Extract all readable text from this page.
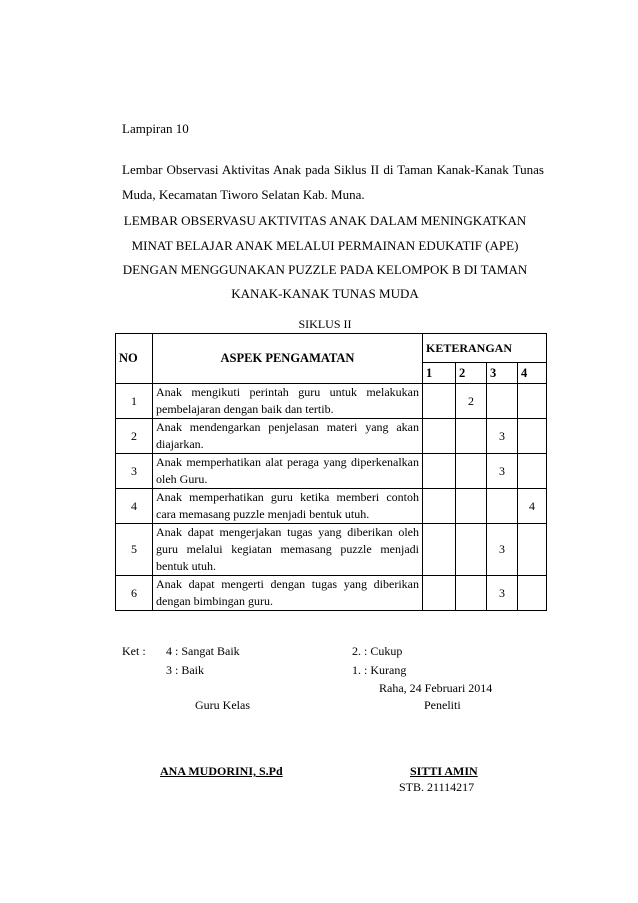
Lampiran 10
Lembar Observasi Aktivitas Anak pada Siklus II di Taman Kanak-Kanak Tunas
Muda, Kecamatan Tiworo Selatan Kab. Muna.
LEMBAR OBSERVASU AKTIVITAS ANAK DALAM MENINGKATKAN
MINAT BELAJAR ANAK MELALUI PERMAINAN EDUKATIF (APE)
DENGAN MENGGUNAKAN PUZZLE PADA KELOMPOK B DI TAMAN
KANAK-KANAK TUNAS MUDA
SIKLUS II
NO	ASPEK PENGAMATAN	KETERANGAN			
		1	2	3	4
1	Anak mengikuti perintah guru untuk melakukan pembelajaran dengan baik dan tertib.		2		
2	Anak mendengarkan penjelasan materi yang akan diajarkan.			3	
3	Anak memperhatikan alat peraga yang diperkenalkan oleh Guru.			3	
4	Anak memperhatikan guru ketika memberi contoh cara memasang puzzle menjadi bentuk utuh.				4
5	Anak dapat mengerjakan tugas yang diberikan oleh guru melalui kegiatan memasang puzzle menjadi bentuk utuh.			3	
6	Anak dapat mengerti dengan tugas yang diberikan dengan bimbingan guru.			3	
Ket : 4 : Sangat Baik
3 : Baik
2. : Cukup
1. : Kurang
Raha, 24 Februari 2014
Guru Kelas	Peneliti
ANA MUDORINI, S.Pd	SITTI AMIN
STB. 21114217
